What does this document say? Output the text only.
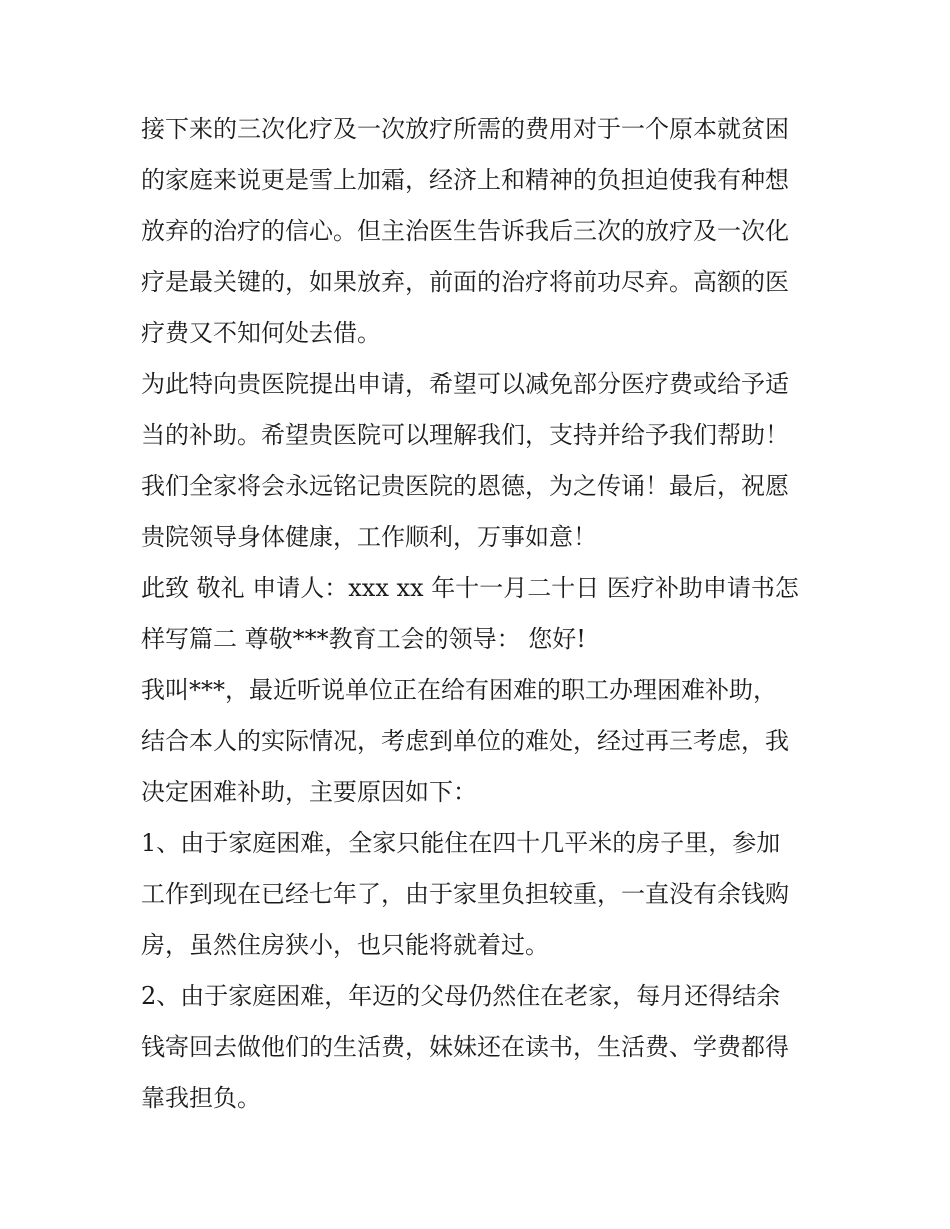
接下来的三次化疗及一次放疗所需的费用对于一个原本就贫困
的家庭来说更是雪上加霜，经济上和精神的负担迫使我有种想
放弃的治疗的信心。但主治医生告诉我后三次的放疗及一次化
疗是最关键的，如果放弃，前面的治疗将前功尽弃。高额的医
疗费又不知何处去借。
为此特向贵医院提出申请，希望可以减免部分医疗费或给予适
当的补助。希望贵医院可以理解我们，支持并给予我们帮助！
我们全家将会永远铭记贵医院的恩德，为之传诵！最后，祝愿
贵院领导身体健康，工作顺利，万事如意！
此致 敬礼 申请人：xxx xx 年十一月二十日 医疗补助申请书怎
样写篇二 尊敬***教育工会的领导： 您好!
我叫***，最近听说单位正在给有困难的职工办理困难补助，
结合本人的实际情况，考虑到单位的难处，经过再三考虑，我
决定困难补助，主要原因如下：
1、由于家庭困难，全家只能住在四十几平米的房子里，参加
工作到现在已经七年了，由于家里负担较重，一直没有余钱购
房，虽然住房狭小，也只能将就着过。
2、由于家庭困难，年迈的父母仍然住在老家，每月还得结余
钱寄回去做他们的生活费，妹妹还在读书，生活费、学费都得
靠我担负。
